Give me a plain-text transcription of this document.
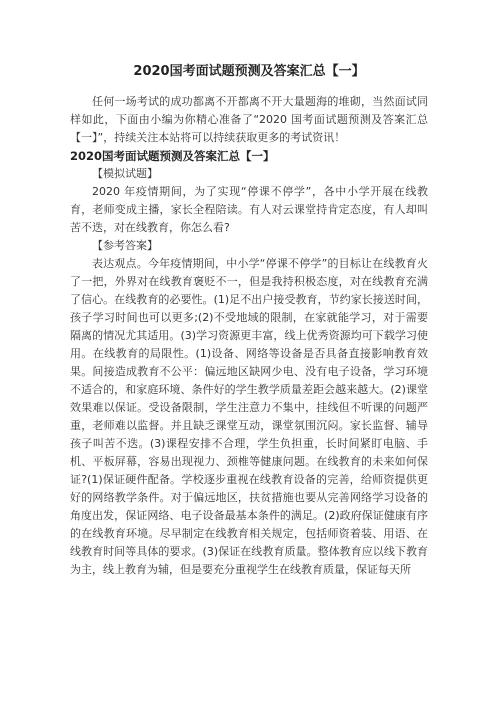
2020国考面试题预测及答案汇总【一】

任何一场考试的成功都离不开都离不开大量题海的堆砌，当然面试同样如此，下面由小编为你精心准备了“2020 国考面试题预测及答案汇总【一】”，持续关注本站将可以持续获取更多的考试资讯！

2020国考面试题预测及答案汇总【一】

【模拟试题】

2020 年疫情期间，为了实现“停课不停学”，各中小学开展在线教育，老师变成主播，家长全程陪读。有人对云课堂持肯定态度，有人却叫苦不迭，对在线教育，你怎么看?

【参考答案】

表达观点。今年疫情期间，中小学“停课不停学”的目标让在线教育火了一把，外界对在线教育褒贬不一，但是我持积极态度，对在线教育充满了信心。在线教育的必要性。(1)足不出户接受教育，节约家长接送时间，孩子学习时间也可以更多;(2)不受地域的限制，在家就能学习，对于需要隔离的情况尤其适用。(3)学习资源更丰富，线上优秀资源均可下载学习使用。在线教育的局限性。(1)设备、网络等设备是否具备直接影响教育效果。间接造成教育不公平：偏远地区缺网少电、没有电子设备，学习环境不适合的，和家庭环境、条件好的学生教学质量差距会越来越大。(2)课堂效果难以保证。受设备限制，学生注意力不集中，挂线但不听课的问题严重，老师难以监督。并且缺乏课堂互动，课堂氛围沉闷。家长监督、辅导孩子叫苦不迭。(3)课程安排不合理，学生负担重，长时间紧盯电脑、手机、平板屏幕，容易出现视力、颈椎等健康问题。在线教育的未来如何保证?(1)保证硬件配备。学校逐步重视在线教育设备的完善，给师资提供更好的网络教学条件。对于偏远地区，扶贫措施也要从完善网络学习设备的角度出发，保证网络、电子设备最基本条件的满足。(2)政府保证健康有序的在线教育环境。尽早制定在线教育相关规定，包括师资着装、用语、在线教育时间等具体的要求。(3)保证在线教育质量。整体教育应以线下教育为主，线上教育为辅，但是要充分重视学生在线教育质量，保证每天所
